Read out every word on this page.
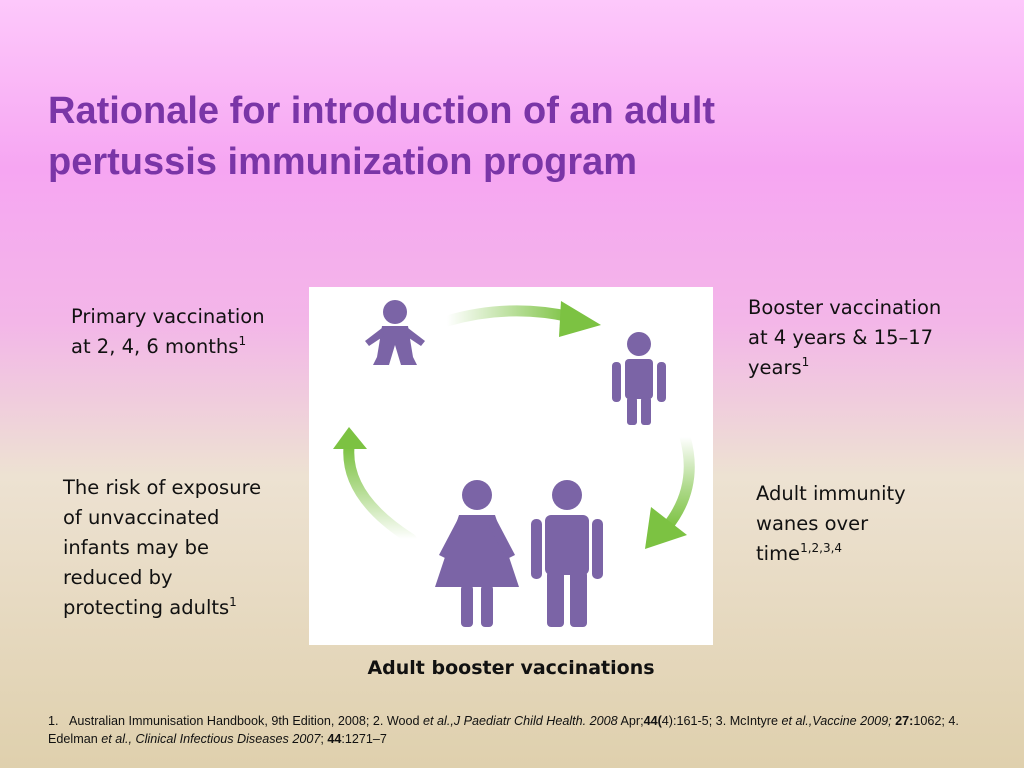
Rationale for introduction of an adult
pertussis immunization program
Primary vaccination
at 2, 4, 6 months$^1$
Booster vaccination
at 4 years & 15–17
years$^1$
The risk of exposure
of unvaccinated
infants may be
reduced by
protecting adults$^1$
Adult immunity
wanes over
time$^{1,2,3,4}$
Adult booster vaccinations
1. Australian Immunisation Handbook, 9th Edition, 2008; 2. Wood et al.,J Paediatr Child Health. 2008 Apr;44(4):161-5; 3. McIntyre et al.,Vaccine 2009; 27:1062; 4. Edelman et al., Clinical Infectious Diseases 2007; 44:1271–7
